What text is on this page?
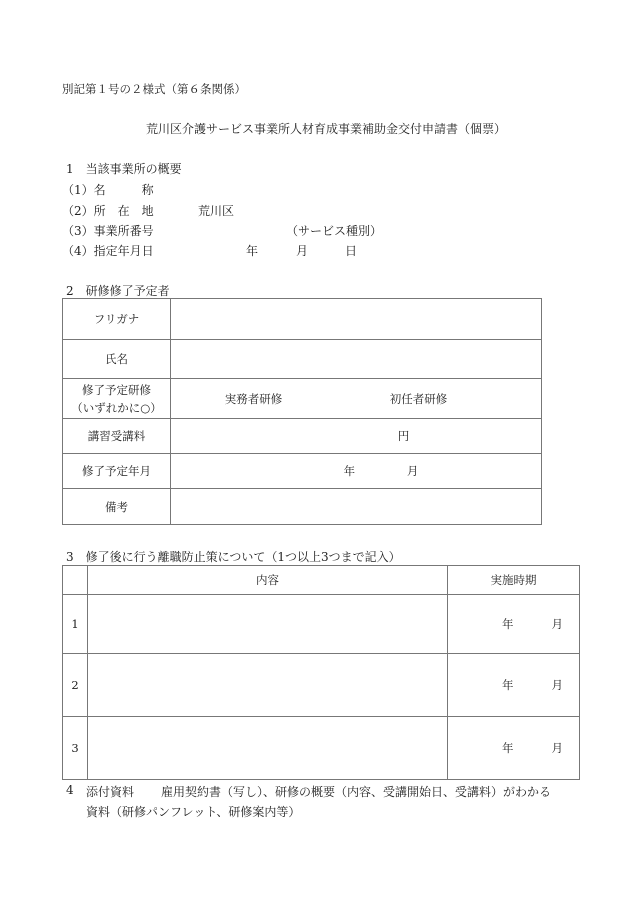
別記第１号の２様式（第６条関係）
荒川区介護サービス事業所人材育成事業補助金交付申請書（個票）
1　当該事業所の概要
（1）名　　　称
（2）所　在　地	荒川区
（3）事業所番号	（サービス種別）
（4）指定年月日	年	月	日
2　研修修了予定者
フリガナ	
氏名	

修了予定研修
（いずれかに○）

実務者研修	初任者研修

講習受講料	円
修了予定年月	年 月
備考	
3　修了後に行う離職防止策について（1つ以上3つまで記入）
	内容	実施時期
1		年 月

2		年 月

3		年 月
4 添付資料 雇用契約書（写し）、研修の概要（内容、受講開始日、受講料）がわかる
資料（研修パンフレット、研修案内等）
